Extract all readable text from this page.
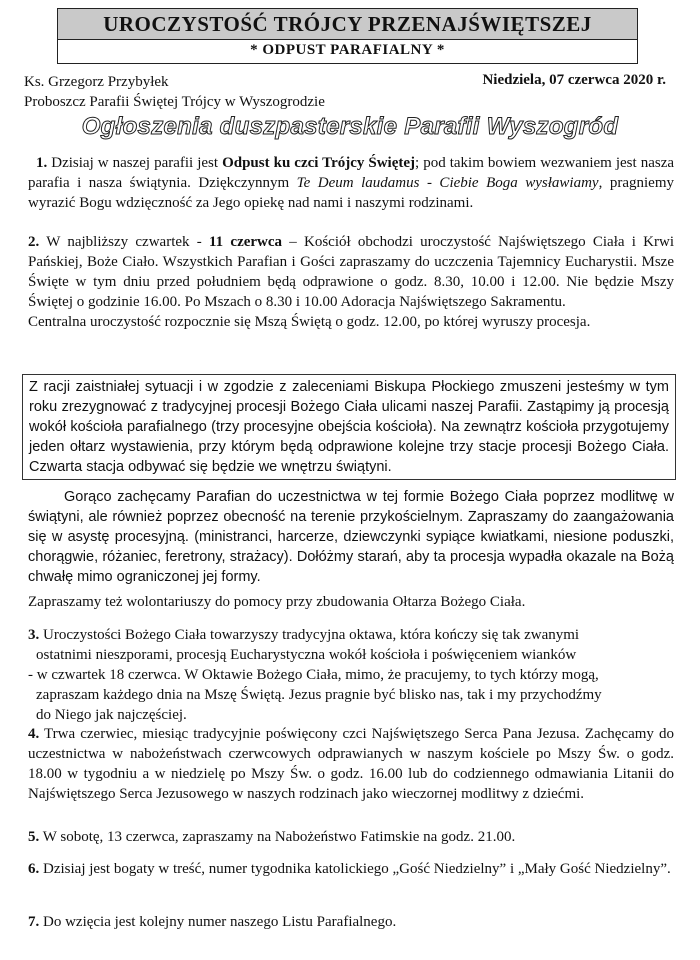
UROCZYSTOŚĆ TRÓJCY PRZENAJŚWIĘTSZEJ
* ODPUST PARAFIALNY *
Ks. Grzegorz Przybyłek
Proboszcz Parafii Świętej Trójcy w Wyszogrodzie
Niedziela, 07 czerwca 2020 r.
Ogłoszenia duszpasterskie Parafii Wyszogród
1. Dzisiaj w naszej parafii jest Odpust ku czci Trójcy Świętej; pod takim bowiem wezwaniem jest nasza parafia i nasza świątynia. Dziękczynnym Te Deum laudamus - Ciebie Boga wysławiamy, pragniemy wyrazić Bogu wdzięczność za Jego opiekę nad nami i naszymi rodzinami.
2. W najbliższy czwartek - 11 czerwca – Kościół obchodzi uroczystość Najświętszego Ciała i Krwi Pańskiej, Boże Ciało. Wszystkich Parafian i Gości zapraszamy do uczczenia Tajemnicy Eucharystii. Msze Święte w tym dniu przed południem będą odprawione o godz. 8.30, 10.00 i 12.00. Nie będzie Mszy Świętej o godzinie 16.00. Po Mszach o 8.30 i 10.00 Adoracja Najświętszego Sakramentu.
Centralna uroczystość rozpocznie się Mszą Świętą o godz. 12.00, po której wyruszy procesja.
Z racji zaistniałej sytuacji i w zgodzie z zaleceniami Biskupa Płockiego zmuszeni jesteśmy w tym roku zrezygnować z tradycyjnej procesji Bożego Ciała ulicami naszej Parafii. Zastąpimy ją procesją wokół kościoła parafialnego (trzy procesyjne obejścia kościoła). Na zewnątrz kościoła przygotujemy jeden ołtarz wystawienia, przy którym będą odprawione kolejne trzy stacje procesji Bożego Ciała. Czwarta stacja odbywać się będzie we wnętrzu świątyni.
Gorąco zachęcamy Parafian do uczestnictwa w tej formie Bożego Ciała poprzez modlitwę w świątyni, ale również poprzez obecność na terenie przykościelnym. Zapraszamy do zaangażowania się w asystę procesyjną. (ministranci, harcerze, dziewczynki sypiące kwiatkami, niesione poduszki, chorągwie, różaniec, feretrony, strażacy). Dołóżmy starań, aby ta procesja wypadła okazale na Bożą chwałę mimo ograniczonej jej formy.
Zapraszamy też wolontariuszy do pomocy przy zbudowania Ołtarza Bożego Ciała.
3. Uroczystości Bożego Ciała towarzyszy tradycyjna oktawa, która kończy się tak zwanymi
ostatnimi nieszporami, procesją Eucharystyczna wokół kościoła i poświęceniem wianków
- w czwartek 18 czerwca. W Oktawie Bożego Ciała, mimo, że pracujemy, to tych którzy mogą,
zapraszam każdego dnia na Mszę Świętą. Jezus pragnie być blisko nas, tak i my przychodźmy
do Niego jak najczęściej.
4. Trwa czerwiec, miesiąc tradycyjnie poświęcony czci Najświętszego Serca Pana Jezusa. Zachęcamy do uczestnictwa w nabożeństwach czerwcowych odprawianych w naszym kościele po Mszy Św. o godz. 18.00 w tygodniu a w niedzielę po Mszy Św. o godz. 16.00 lub do codziennego odmawiania Litanii do Najświętszego Serca Jezusowego w naszych rodzinach jako wieczornej modlitwy z dziećmi.
5. W sobotę, 13 czerwca, zapraszamy na Nabożeństwo Fatimskie na godz. 21.00.
6. Dzisiaj jest bogaty w treść, numer tygodnika katolickiego „Gość Niedzielny” i „Mały Gość Niedzielny”.
7. Do wzięcia jest kolejny numer naszego Listu Parafialnego.
